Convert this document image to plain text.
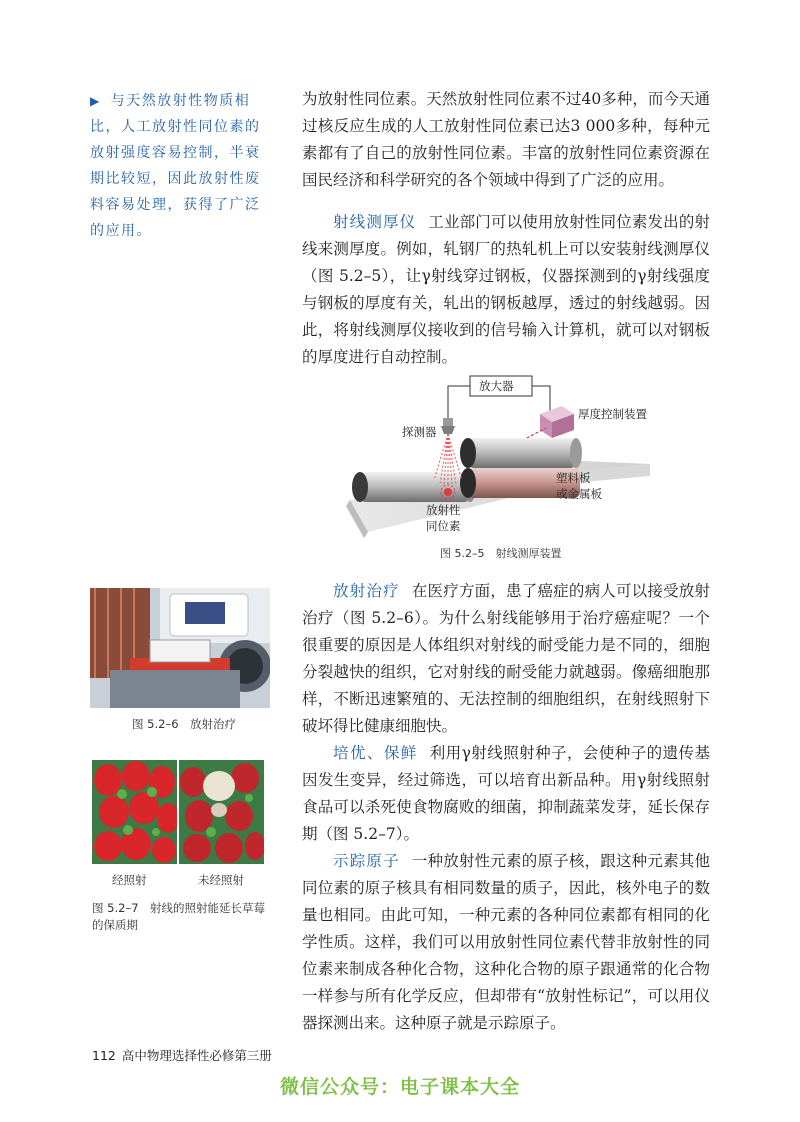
▶ 与天然放射性物质相比，人工放射性同位素的放射强度容易控制，半衰期比较短，因此放射性废料容易处理，获得了广泛的应用。

为放射性同位素。天然放射性同位素不过40多种，而今天通过核反应生成的人工放射性同位素已达3 000多种，每种元素都有了自己的放射性同位素。丰富的放射性同位素资源在国民经济和科学研究的各个领域中得到了广泛的应用。

射线测厚仪 工业部门可以使用放射性同位素发出的射线来测厚度。例如，轧钢厂的热轧机上可以安装射线测厚仪（图 5.2–5），让γ射线穿过钢板，仪器探测到的γ射线强度与钢板的厚度有关，轧出的钢板越厚，透过的射线越弱。因此，将射线测厚仪接收到的信号输入计算机，就可以对钢板的厚度进行自动控制。

放大器
厚度控制装置
探测器
塑料板
或金属板
放射性
同位素
图 5.2–5　射线测厚装置
图 5.2–6　放射治疗
经照射	未经照射
图 5.2–7　射线的照射能延长草莓
的保质期

放射治疗 在医疗方面，患了癌症的病人可以接受放射治疗（图 5.2–6）。为什么射线能够用于治疗癌症呢？一个很重要的原因是人体组织对射线的耐受能力是不同的，细胞分裂越快的组织，它对射线的耐受能力就越弱。像癌细胞那样，不断迅速繁殖的、无法控制的细胞组织，在射线照射下破坏得比健康细胞快。

培优、保鲜 利用γ射线照射种子，会使种子的遗传基因发生变异，经过筛选，可以培育出新品种。用γ射线照射食品可以杀死使食物腐败的细菌，抑制蔬菜发芽，延长保存期（图 5.2–7）。

示踪原子 一种放射性元素的原子核，跟这种元素其他同位素的原子核具有相同数量的质子，因此，核外电子的数量也相同。由此可知，一种元素的各种同位素都有相同的化学性质。这样，我们可以用放射性同位素代替非放射性的同位素来制成各种化合物，这种化合物的原子跟通常的化合物一样参与所有化学反应，但却带有“放射性标记”，可以用仪器探测出来。这种原子就是示踪原子。

112 高中物理选择性必修第三册
微信公众号：电子课本大全
